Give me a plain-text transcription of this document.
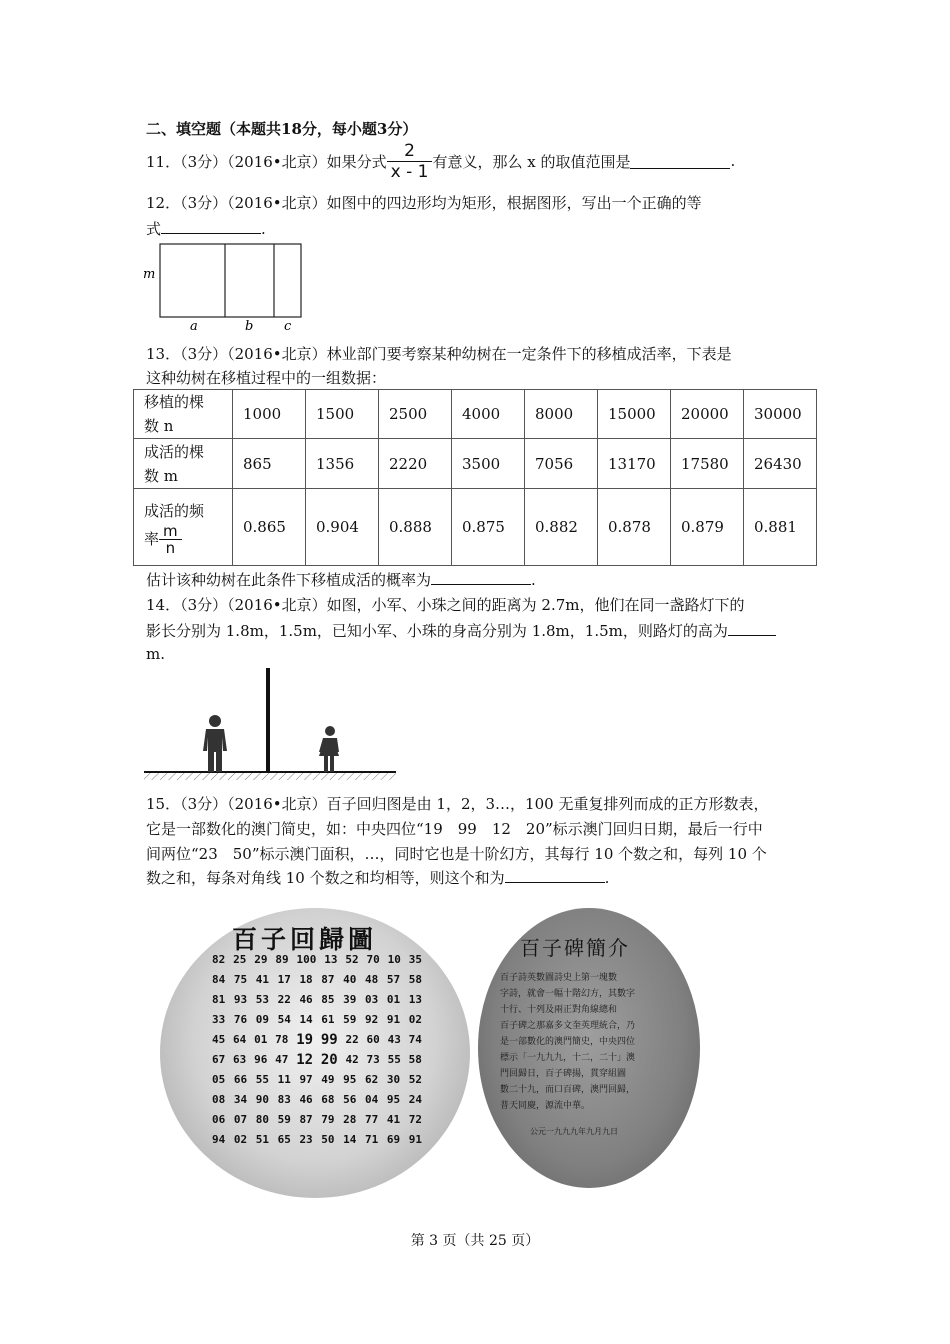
二、填空题（本题共18分，每小题3分）
11．（3分）（2016•北京）如果分式 $\frac{2}{x - 1}$ 有意义，那么 x 的取值范围是	.
12．（3分）（2016•北京）如图中的四边形均为矩形，根据图形，写出一个正确的等
式	.
m
a	b c
13．（3分）（2016•北京）林业部门要考察某种幼树在一定条件下的移植成活率，下表是
这种幼树在移植过程中的一组数据：
移植的棵
数 n	1000	1500	2500	4000	8000	15000	20000	30000

成活的棵
数 m	865	1356	2220	3500	7056	13170	17580	26430

成活的频
率 $\frac{m}{n}$	0.865	0.904	0.888	0.875	0.882	0.878	0.879	0.881
估计该种幼树在此条件下移植成活的概率为	.
14．（3分）（2016•北京）如图，小军、小珠之间的距离为 2.7m，他们在同一盏路灯下的
影长分别为 1.8m，1.5m，已知小军、小珠的身高分别为 1.8m，1.5m，则路灯的高为
m.
15．（3分）（2016•北京）百子回归图是由 1，2，3…，100 无重复排列而成的正方形数表，
它是一部数化的澳门简史，如：中央四位“19　99　12　20”标示澳门回归日期，最后一行中
间两位“23　50”标示澳门面积，…，同时它也是十阶幻方，其每行 10 个数之和，每列 10 个
数之和，每条对角线 10 个数之和均相等，则这个和为	.
百子回歸圖
82 25 29 89 100 13 52 70 10 35
84 75 41 17 18 87 40 48 57 58
81 93 53 22 46 85 39 03 01 13
33 76 09 54 14 61 59 92 91 02
45 64 01 78 19 99 22 60 43 74
67 63 96 47 12 20 42 73 55 58
05 66 55 11 97 49 95 62 30 52
08 34 90 83 46 68 56 04 95 24
06 07 80 59 87 79 28 77 41 72
94 02 51 65 23 50 14 71 69 91
百子碑簡介
百子詩英數圖詩史上第一塊數
字詩，就會一幅十階幻方，其數字
十行、十列及兩正對角線總和
百子碑之那嘉多文奎英理統合，乃
是一部數化的澳門簡史，中央四位
標示「一九九九，十二，二十」澳
門回歸日，百子碑揚，貫穿組圖
數二十九，而口百碑，澳門回歸，
普天同慶，源流中華。
公元一九九九年九月九日
第 3 页（共 25 页）
